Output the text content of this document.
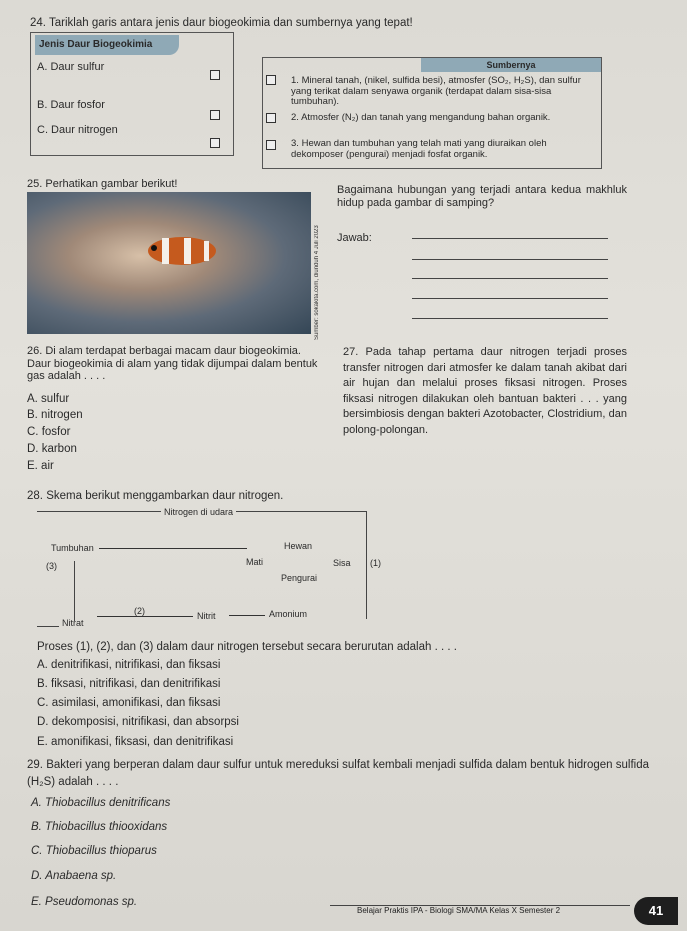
24. Tariklah garis antara jenis daur biogeokimia dan sumbernya yang tepat!
Jenis Daur Biogeokimia
A. Daur sulfur
B. Daur fosfor
C. Daur nitrogen
Sumbernya
1. Mineral tanah, (nikel, sulfida besi), atmosfer (SO₂, H₂S), dan sulfur yang terikat dalam senyawa organik (terdapat dalam sisa-sisa tumbuhan).
2. Atmosfer (N₂) dan tanah yang mengandung bahan organik.
3. Hewan dan tumbuhan yang telah mati yang diuraikan oleh dekomposer (pengurai) menjadi fosfat organik.
25. Perhatikan gambar berikut!
Sumber: sokakita.com, diunduh 4 Juli 2023
Bagaimana hubungan yang terjadi antara kedua makhluk hidup pada gambar di samping?
Jawab:
26. Di alam terdapat berbagai macam daur biogeokimia. Daur biogeokimia di alam yang tidak dijumpai dalam bentuk gas adalah . . . .
A. sulfur
B. nitrogen
C. fosfor
D. karbon
E. air
27. Pada tahap pertama daur nitrogen terjadi proses transfer nitrogen dari atmosfer ke dalam tanah akibat dari air hujan dan melalui proses fiksasi nitrogen. Proses fiksasi nitrogen dilakukan oleh bantuan bakteri . . . yang bersimbiosis dengan bakteri Azotobacter, Clostridium, dan polong-polongan.
28. Skema berikut menggambarkan daur nitrogen.
Nitrogen di udara
Tumbuhan	Hewan
Mati	Sisa (1)
Pengurai
(3)
Amonium
Nitrit
(2)
Nitrat
Proses (1), (2), dan (3) dalam daur nitrogen tersebut secara berurutan adalah . . . .
A. denitrifikasi, nitrifikasi, dan fiksasi
B. fiksasi, nitrifikasi, dan denitrifikasi
C. asimilasi, amonifikasi, dan fiksasi
D. dekomposisi, nitrifikasi, dan absorpsi
E. amonifikasi, fiksasi, dan denitrifikasi
29. Bakteri yang berperan dalam daur sulfur untuk mereduksi sulfat kembali menjadi sulfida dalam bentuk hidrogen sulfida (H₂S) adalah . . . .
A. Thiobacillus denitrificans
B. Thiobacillus thiooxidans
C. Thiobacillus thioparus
D. Anabaena sp.
E. Pseudomonas sp.
Belajar Praktis IPA - Biologi SMA/MA Kelas X Semester 2	41
